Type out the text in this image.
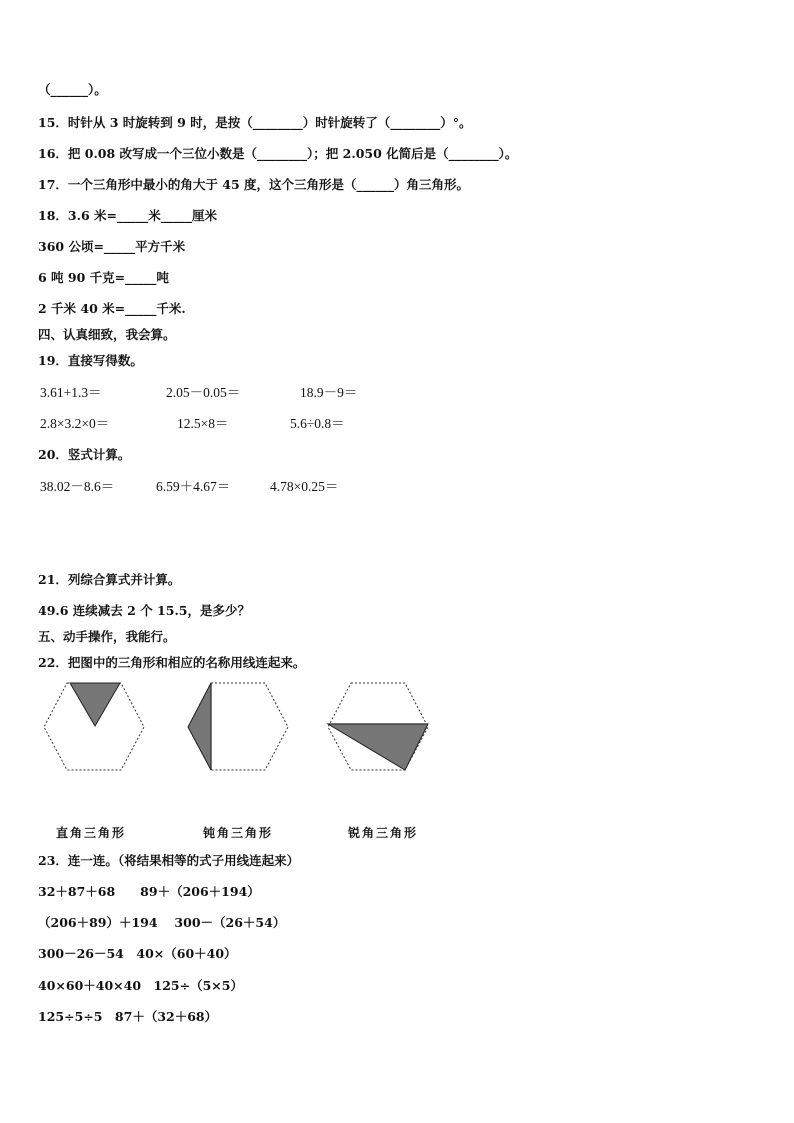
（______）。
15．时针从 3 时旋转到 9 时，是按（________）时针旋转了（________）°。
16．把 0.08 改写成一个三位小数是（________）；把 2.050 化简后是（________）。
17．一个三角形中最小的角大于 45 度，这个三角形是（______）角三角形。
18．3.6 米=_____米_____厘米
360 公顷=_____平方千米
6 吨 90 千克=_____吨
2 千米 40 米=_____千米.
四、认真细致，我会算。
19．直接写得数。
3.61+1.3＝	2.05－0.05＝	18.9－9＝
2.8×3.2×0＝	12.5×8＝	5.6÷0.8＝
20．竖式计算。
38.02－8.6＝	6.59＋4.67＝	4.78×0.25＝
21．列综合算式并计算。
49.6 连续减去 2 个 15.5，是多少？
五、动手操作，我能行。
22．把图中的三角形和相应的名称用线连起来。
直角三角形	钝角三角形	锐角三角形
23．连一连。（将结果相等的式子用线连起来）
32＋87＋68　　89＋（206＋194）
（206＋89）＋194　 300－（26＋54）
300－26－54　40×（60＋40）
40×60＋40×40　125÷（5×5）
125÷5÷5　87＋（32＋68）
